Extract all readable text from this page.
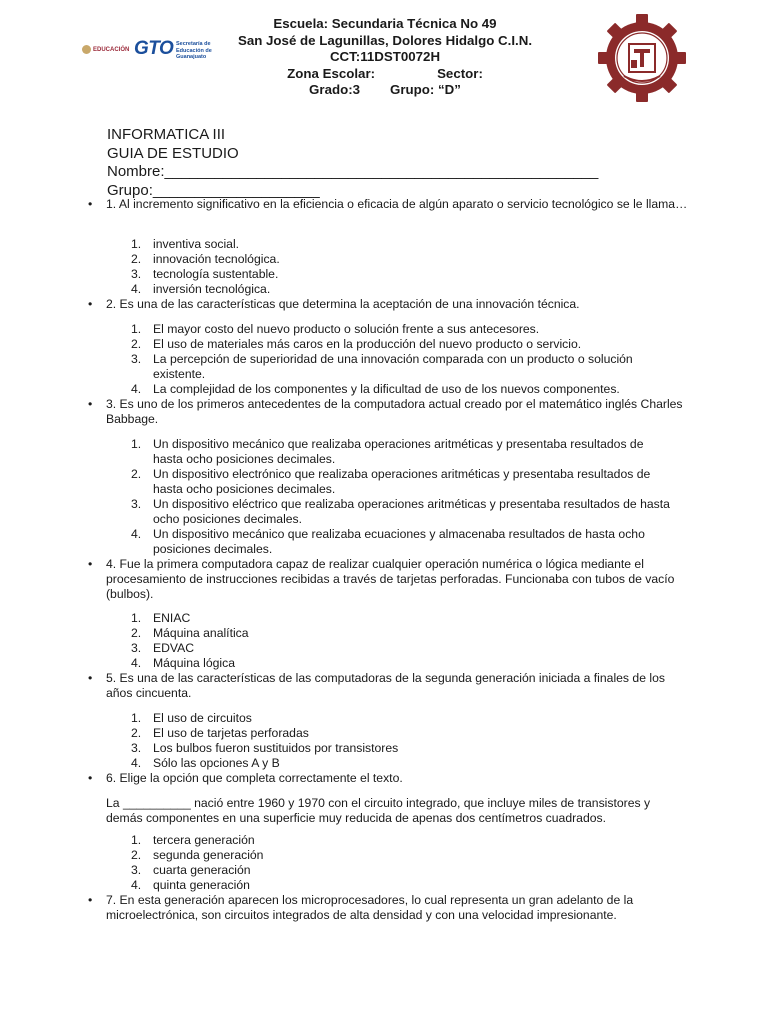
EDUCACIÓN GTO Secretaría de Educación de Guanajuato
Escuela: Secundaria Técnica No 49
San José de Lagunillas, Dolores Hidalgo C.I.N.
CCT:11DST0072H
Zona Escolar:	Sector:
Grado:3 Grupo: “D”
INFORMATICA III
GUIA DE ESTUDIO
Nombre:____________________________________________________
Grupo:____________________
• 1. Al incremento significativo en la eficiencia o eficacia de algún aparato o servicio tecnológico se le llama…
1. inventiva social.
2. innovación tecnológica.
3. tecnología sustentable.
4. inversión tecnológica.
• 2. Es una de las características que determina la aceptación de una innovación técnica.
1. El mayor costo del nuevo producto o solución frente a sus antecesores.
2. El uso de materiales más caros en la producción del nuevo producto o servicio.
3. La percepción de superioridad de una innovación comparada con un producto o solución existente.
4. La complejidad de los componentes y la dificultad de uso de los nuevos componentes.
• 3. Es uno de los primeros antecedentes de la computadora actual creado por el matemático inglés Charles Babbage.
1. Un dispositivo mecánico que realizaba operaciones aritméticas y presentaba resultados de hasta ocho posiciones decimales.
2. Un dispositivo electrónico que realizaba operaciones aritméticas y presentaba resultados de hasta ocho posiciones decimales.
3. Un dispositivo eléctrico que realizaba operaciones aritméticas y presentaba resultados de hasta ocho posiciones decimales.
4. Un dispositivo mecánico que realizaba ecuaciones y almacenaba resultados de hasta ocho posiciones decimales.
• 4. Fue la primera computadora capaz de realizar cualquier operación numérica o lógica mediante el procesamiento de instrucciones recibidas a través de tarjetas perforadas. Funcionaba con tubos de vacío (bulbos).
1. ENIAC
2. Máquina analítica
3. EDVAC
4. Máquina lógica
• 5. Es una de las características de las computadoras de la segunda generación iniciada a finales de los años cincuenta.
1. El uso de circuitos
2. El uso de tarjetas perforadas
3. Los bulbos fueron sustituidos por transistores
4. Sólo las opciones A y B
• 6. Elige la opción que completa correctamente el texto.
La __________ nació entre 1960 y 1970 con el circuito integrado, que incluye miles de transistores y demás componentes en una superficie muy reducida de apenas dos centímetros cuadrados.
1. tercera generación
2. segunda generación
3. cuarta generación
4. quinta generación
• 7. En esta generación aparecen los microprocesadores, lo cual representa un gran adelanto de la microelectrónica, son circuitos integrados de alta densidad y con una velocidad impresionante.
